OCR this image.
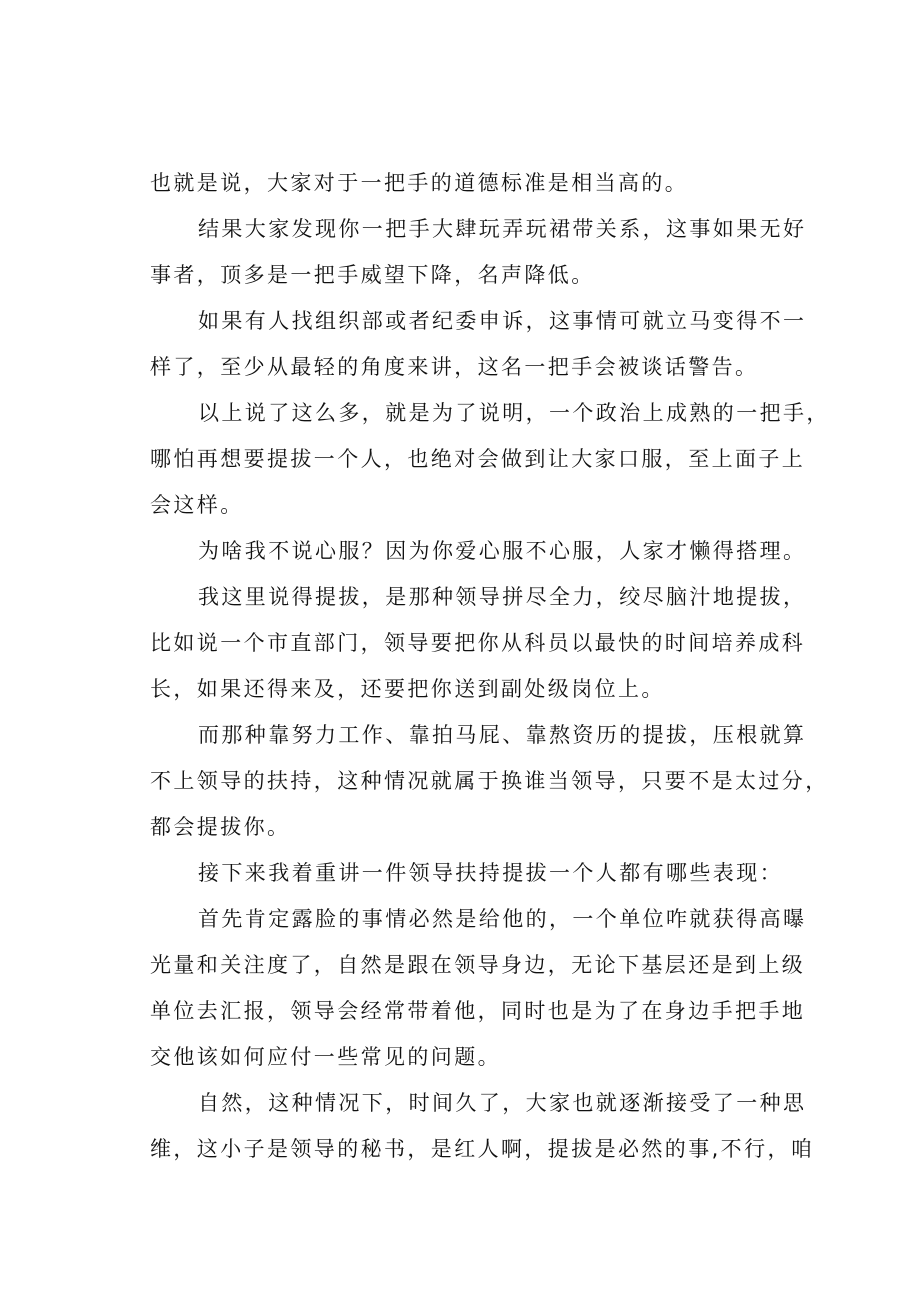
也就是说，大家对于一把手的道德标准是相当高的。
结果大家发现你一把手大肆玩弄玩裙带关系，这事如果无好
事者，顶多是一把手威望下降，名声降低。
如果有人找组织部或者纪委申诉，这事情可就立马变得不一
样了，至少从最轻的角度来讲，这名一把手会被谈话警告。
以上说了这么多，就是为了说明，一个政治上成熟的一把手，
哪怕再想要提拔一个人，也绝对会做到让大家口服，至上面子上
会这样。
为啥我不说心服？因为你爱心服不心服，人家才懒得搭理。
我这里说得提拔，是那种领导拼尽全力，绞尽脑汁地提拔，
比如说一个市直部门，领导要把你从科员以最快的时间培养成科
长，如果还得来及，还要把你送到副处级岗位上。
而那种靠努力工作、靠拍马屁、靠熬资历的提拔，压根就算
不上领导的扶持，这种情况就属于换谁当领导，只要不是太过分，
都会提拔你。
接下来我着重讲一件领导扶持提拔一个人都有哪些表现：
首先肯定露脸的事情必然是给他的，一个单位咋就获得高曝
光量和关注度了，自然是跟在领导身边，无论下基层还是到上级
单位去汇报，领导会经常带着他，同时也是为了在身边手把手地
交他该如何应付一些常见的问题。
自然，这种情况下，时间久了，大家也就逐渐接受了一种思
维，这小子是领导的秘书，是红人啊，提拔是必然的事,不行，咱
